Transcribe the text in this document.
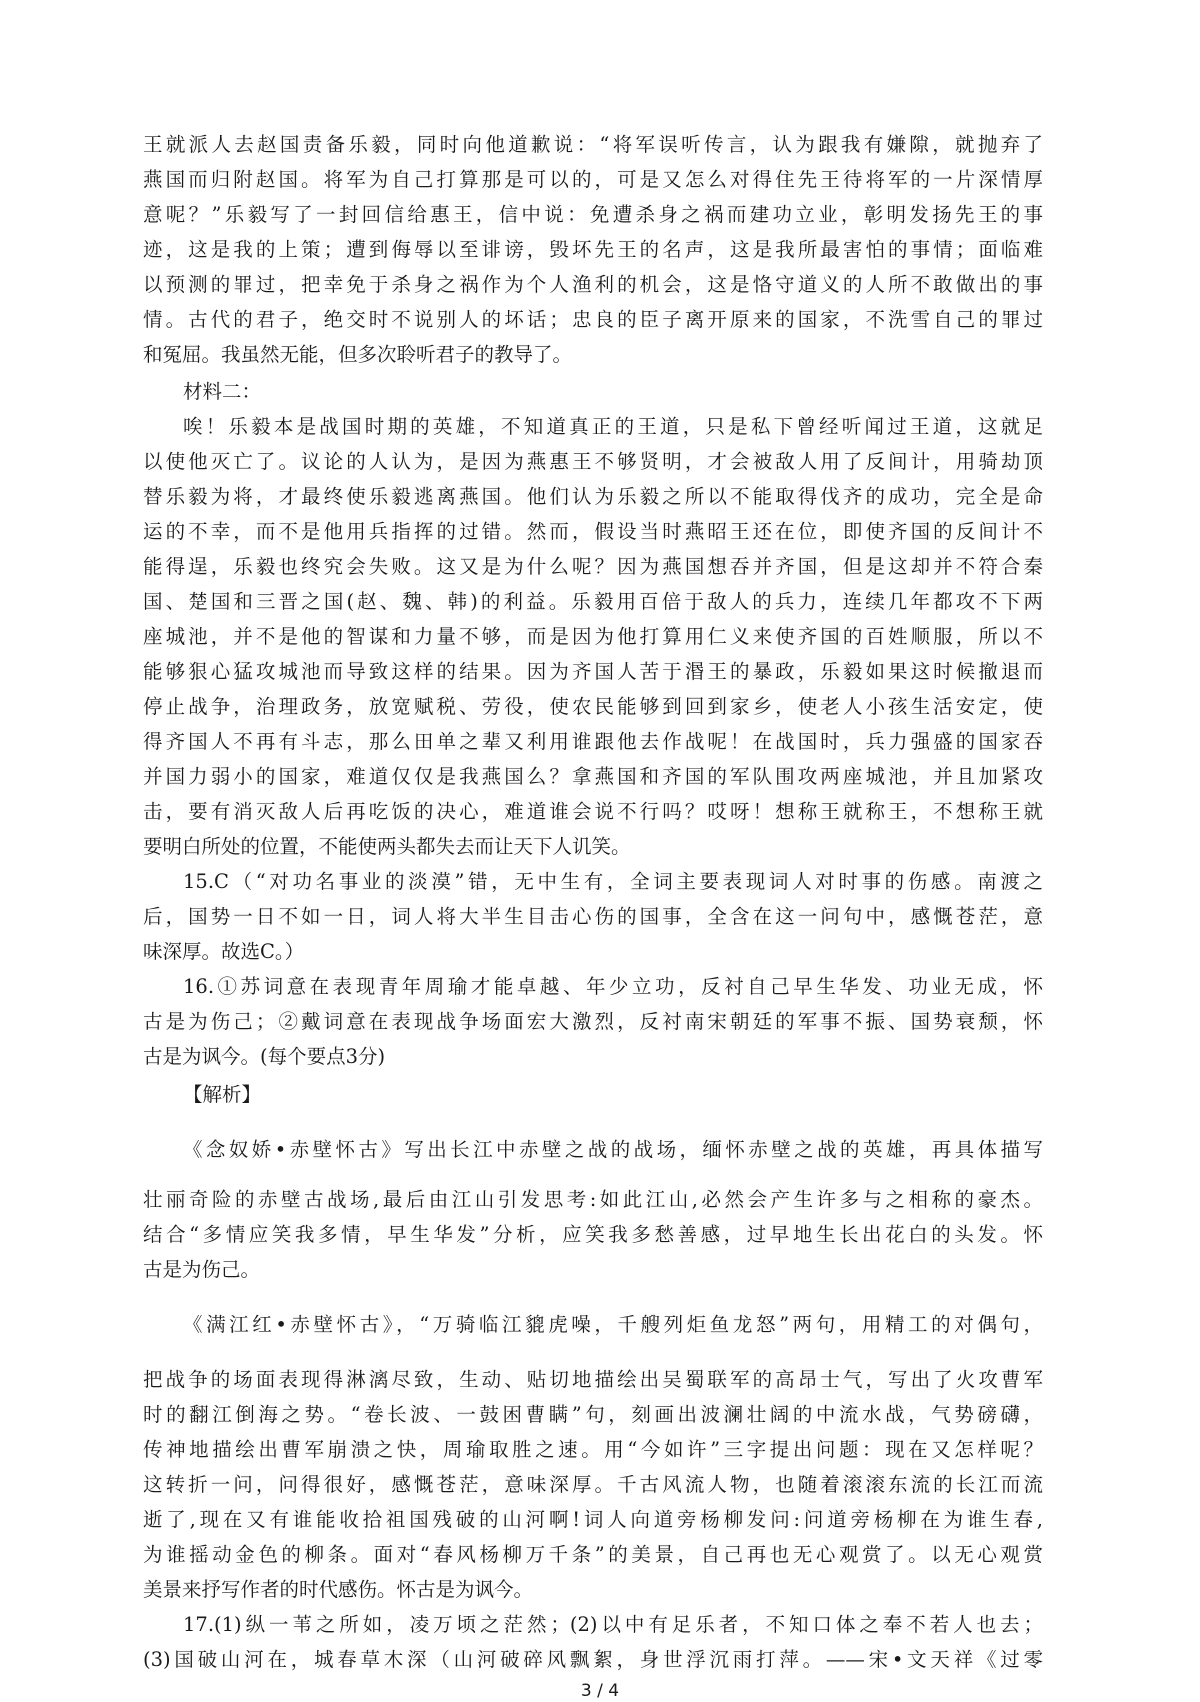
王就派人去赵国责备乐毅，同时向他道歉说：“将军误听传言，认为跟我有嫌隙，就抛弃了
燕国而归附赵国。将军为自己打算那是可以的，可是又怎么对得住先王待将军的一片深情厚
意呢？”乐毅写了一封回信给惠王，信中说：免遭杀身之祸而建功立业，彰明发扬先王的事
迹，这是我的上策；遭到侮辱以至诽谤，毁坏先王的名声，这是我所最害怕的事情；面临难
以预测的罪过，把幸免于杀身之祸作为个人渔利的机会，这是恪守道义的人所不敢做出的事
情。古代的君子，绝交时不说别人的坏话；忠良的臣子离开原来的国家，不洗雪自己的罪过
和冤屈。我虽然无能，但多次聆听君子的教导了。
材料二：
唉！乐毅本是战国时期的英雄，不知道真正的王道，只是私下曾经听闻过王道，这就足
以使他灭亡了。议论的人认为，是因为燕惠王不够贤明，才会被敌人用了反间计，用骑劫顶
替乐毅为将，才最终使乐毅逃离燕国。他们认为乐毅之所以不能取得伐齐的成功，完全是命
运的不幸，而不是他用兵指挥的过错。然而，假设当时燕昭王还在位，即使齐国的反间计不
能得逞，乐毅也终究会失败。这又是为什么呢？因为燕国想吞并齐国，但是这却并不符合秦
国、楚国和三晋之国(赵、魏、韩)的利益。乐毅用百倍于敌人的兵力，连续几年都攻不下两
座城池，并不是他的智谋和力量不够，而是因为他打算用仁义来使齐国的百姓顺服，所以不
能够狠心猛攻城池而导致这样的结果。因为齐国人苦于湣王的暴政，乐毅如果这时候撤退而
停止战争，治理政务，放宽赋税、劳役，使农民能够到回到家乡，使老人小孩生活安定，使
得齐国人不再有斗志，那么田单之辈又利用谁跟他去作战呢！在战国时，兵力强盛的国家吞
并国力弱小的国家，难道仅仅是我燕国么？拿燕国和齐国的军队围攻两座城池，并且加紧攻
击，要有消灭敌人后再吃饭的决心，难道谁会说不行吗？哎呀！想称王就称王，不想称王就
要明白所处的位置，不能使两头都失去而让天下人讥笑。
15.C（“对功名事业的淡漠”错，无中生有，全词主要表现词人对时事的伤感。南渡之
后，国势一日不如一日，词人将大半生目击心伤的国事，全含在这一问句中，感慨苍茫，意
味深厚。故选C。）
16.①苏词意在表现青年周瑜才能卓越、年少立功，反衬自己早生华发、功业无成，怀
古是为伤己；②戴词意在表现战争场面宏大激烈，反衬南宋朝廷的军事不振、国势衰颓，怀
古是为讽今。(每个要点3分)
【解析】
《念奴娇•赤壁怀古》写出长江中赤壁之战的战场，缅怀赤壁之战的英雄，再具体描写
壮丽奇险的赤壁古战场,最后由江山引发思考:如此江山,必然会产生许多与之相称的豪杰。
结合“多情应笑我多情，早生华发”分析，应笑我多愁善感，过早地生长出花白的头发。怀
古是为伤己。
《满江红•赤壁怀古》，“万骑临江貔虎噪，千艘列炬鱼龙怒”两句，用精工的对偶句，
把战争的场面表现得淋漓尽致，生动、贴切地描绘出吴蜀联军的高昂士气，写出了火攻曹军
时的翻江倒海之势。“卷长波、一鼓困曹瞒”句，刻画出波澜壮阔的中流水战，气势磅礴，
传神地描绘出曹军崩溃之快，周瑜取胜之速。用“今如许”三字提出问题：现在又怎样呢？
这转折一问，问得很好，感慨苍茫，意味深厚。千古风流人物，也随着滚滚东流的长江而流
逝了,现在又有谁能收拾祖国残破的山河啊!词人向道旁杨柳发问:问道旁杨柳在为谁生春,
为谁摇动金色的柳条。面对“春风杨柳万千条”的美景，自己再也无心观赏了。以无心观赏
美景来抒写作者的时代感伤。怀古是为讽今。
17.(1)纵一苇之所如，凌万顷之茫然；(2)以中有足乐者，不知口体之奉不若人也去；
(3)国破山河在，城春草木深（山河破碎风飘絮，身世浮沉雨打萍。——宋•文天祥《过零
3 / 4
